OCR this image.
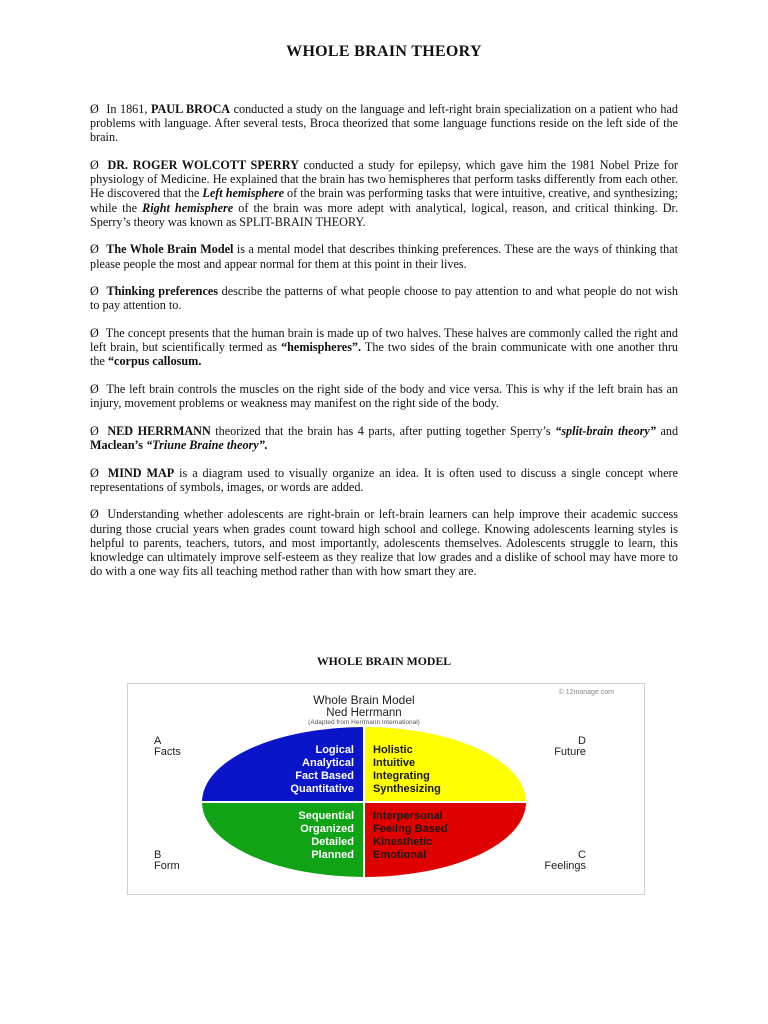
WHOLE BRAIN THEORY

Ø In 1861, PAUL BROCA conducted a study on the language and left-right brain specialization on a patient who had problems with language. After several tests, Broca theorized that some language functions reside on the left side of the brain.

Ø DR. ROGER WOLCOTT SPERRY conducted a study for epilepsy, which gave him the 1981 Nobel Prize for physiology of Medicine. He explained that the brain has two hemispheres that perform tasks differently from each other. He discovered that the Left hemisphere of the brain was performing tasks that were intuitive, creative, and synthesizing; while the Right hemisphere of the brain was more adept with analytical, logical, reason, and critical thinking. Dr. Sperry’s theory was known as SPLIT-BRAIN THEORY.

Ø The Whole Brain Model is a mental model that describes thinking preferences. These are the ways of thinking that please people the most and appear normal for them at this point in their lives.

Ø Thinking preferences describe the patterns of what people choose to pay attention to and what people do not wish to pay attention to.

Ø The concept presents that the human brain is made up of two halves. These halves are commonly called the right and left brain, but scientifically termed as “hemispheres”. The two sides of the brain communicate with one another thru the “corpus callosum.

Ø The left brain controls the muscles on the right side of the body and vice versa. This is why if the left brain has an injury, movement problems or weakness may manifest on the right side of the body.

Ø NED HERRMANN theorized that the brain has 4 parts, after putting together Sperry’s “split-brain theory” and Maclean’s “Triune Braine theory”.

Ø MIND MAP is a diagram used to visually organize an idea. It is often used to discuss a single concept where representations of symbols, images, or words are added.

Ø Understanding whether adolescents are right-brain or left-brain learners can help improve their academic success during those crucial years when grades count toward high school and college. Knowing adolescents learning styles is helpful to parents, teachers, tutors, and most importantly, adolescents themselves. Adolescents struggle to learn, this knowledge can ultimately improve self-esteem as they realize that low grades and a dislike of school may have more to do with a one way fits all teaching method rather than with how smart they are.

WHOLE BRAIN MODEL
Whole Brain Model
Ned Herrmann
(Adapted from Herrmann International)
© 12manage.com
A
Facts
D
Future
B
Form
C
Feelings
Logical
Analytical
Fact Based
Quantitative
Holistic
Intuitive
Integrating
Synthesizing
Sequential
Organized
Detailed
Planned
Interpersonal
Feeling Based
Kinesthetic
Emotional
